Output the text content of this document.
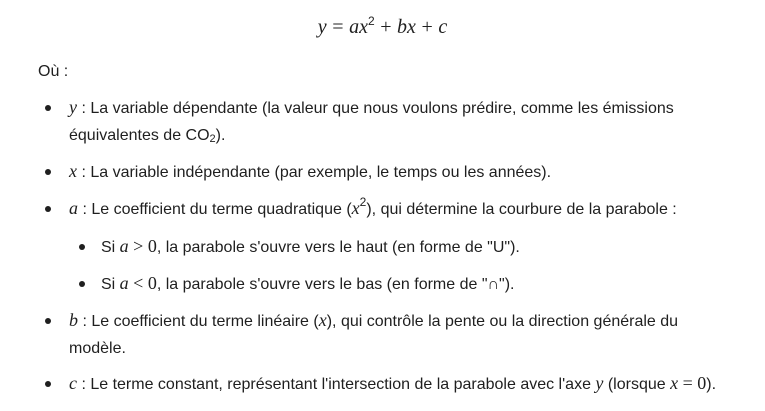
$y = ax^2$ + bx + c
Où :
y : La variable dépendante (la valeur que nous voulons prédire, comme les émissions équivalentes de CO2).
x : La variable indépendante (par exemple, le temps ou les années).
a : Le coefficient du terme quadratique $(x^2)$, qui détermine la courbure de la parabole :
Si a > 0, la parabole s'ouvre vers le haut (en forme de "U").
Si a < 0, la parabole s'ouvre vers le bas (en forme de "∩").
b : Le coefficient du terme linéaire (x), qui contrôle la pente ou la direction générale du modèle.
c : Le terme constant, représentant l'intersection de la parabole avec l'axe y (lorsque x = 0).
